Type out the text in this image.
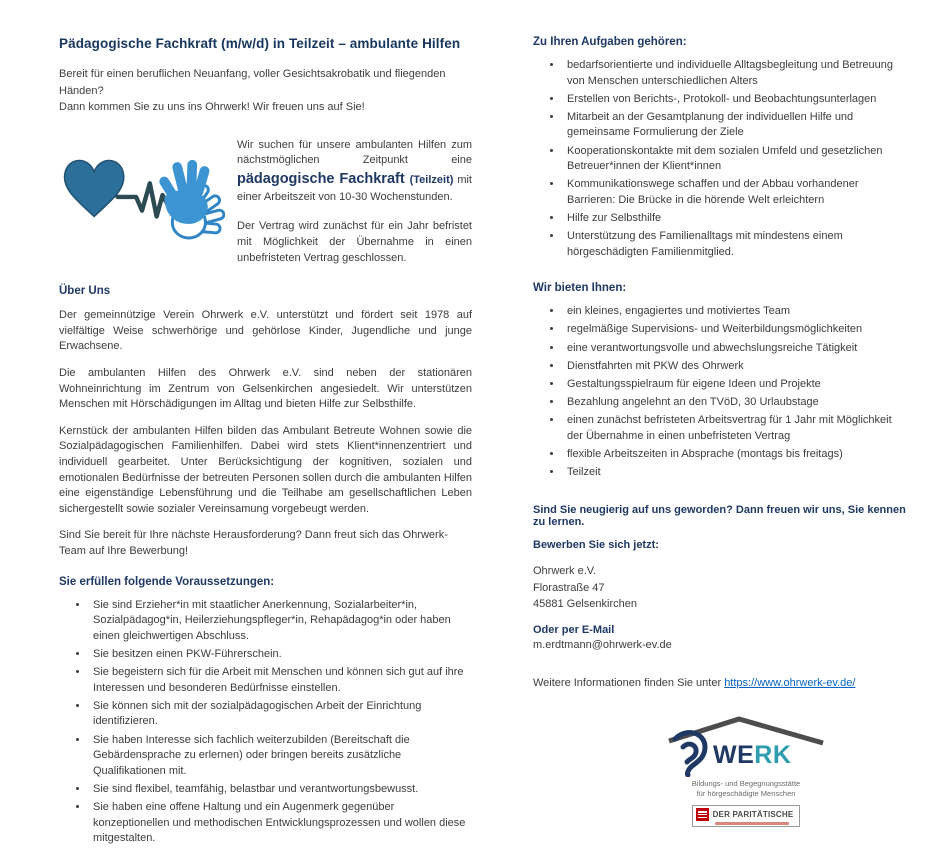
Pädagogische Fachkraft (m/w/d) in Teilzeit – ambulante Hilfen
Bereit für einen beruflichen Neuanfang, voller Gesichtsakrobatik und fliegenden Händen?
Dann kommen Sie zu uns ins Ohrwerk! Wir freuen uns auf Sie!
Wir suchen für unsere ambulanten Hilfen zum nächstmöglichen Zeitpunkt eine pädagogische Fachkraft (Teilzeit) mit einer Arbeitszeit von 10-30 Wochenstunden.
Der Vertrag wird zunächst für ein Jahr befristet mit Möglichkeit der Übernahme in einen unbefristeten Vertrag geschlossen.
Über Uns
Der gemeinnützige Verein Ohrwerk e.V. unterstützt und fördert seit 1978 auf vielfältige Weise schwerhörige und gehörlose Kinder, Jugendliche und junge Erwachsene.
Die ambulanten Hilfen des Ohrwerk e.V. sind neben der stationären Wohneinrichtung im Zentrum von Gelsenkirchen angesiedelt. Wir unterstützen Menschen mit Hörschädigungen im Alltag und bieten Hilfe zur Selbsthilfe.
Kernstück der ambulanten Hilfen bilden das Ambulant Betreute Wohnen sowie die Sozialpädagogischen Familienhilfen. Dabei wird stets Klient*innenzentriert und individuell gearbeitet. Unter Berücksichtigung der kognitiven, sozialen und emotionalen Bedürfnisse der betreuten Personen sollen durch die ambulanten Hilfen eine eigenständige Lebensführung und die Teilhabe am gesellschaftlichen Leben sichergestellt sowie sozialer Vereinsamung vorgebeugt werden.
Sind Sie bereit für Ihre nächste Herausforderung? Dann freut sich das Ohrwerk-Team auf Ihre Bewerbung!
Sie erfüllen folgende Voraussetzungen:
• Sie sind Erzieher*in mit staatlicher Anerkennung, Sozialarbeiter*in, Sozialpädagog*in, Heilerziehungspfleger*in, Rehapädagog*in oder haben einen gleichwertigen Abschluss.
• Sie besitzen einen PKW-Führerschein.
• Sie begeistern sich für die Arbeit mit Menschen und können sich gut auf ihre Interessen und besonderen Bedürfnisse einstellen.
• Sie können sich mit der sozialpädagogischen Arbeit der Einrichtung identifizieren.
• Sie haben Interesse sich fachlich weiterzubilden (Bereitschaft die Gebärdensprache zu erlernen) oder bringen bereits zusätzliche Qualifikationen mit.
• Sie sind flexibel, teamfähig, belastbar und verantwortungsbewusst.
• Sie haben eine offene Haltung und ein Augenmerk gegenüber konzeptionellen und methodischen Entwicklungsprozessen und wollen diese mitgestalten.
Zu Ihren Aufgaben gehören:
• bedarfsorientierte und individuelle Alltagsbegleitung und Betreuung von Menschen unterschiedlichen Alters
• Erstellen von Berichts-, Protokoll- und Beobachtungsunterlagen
• Mitarbeit an der Gesamtplanung der individuellen Hilfe und gemeinsame Formulierung der Ziele
• Kooperationskontakte mit dem sozialen Umfeld und gesetzlichen Betreuer*innen der Klient*innen
• Kommunikationswege schaffen und der Abbau vorhandener Barrieren: Die Brücke in die hörende Welt erleichtern
• Hilfe zur Selbsthilfe
• Unterstützung des Familienalltags mit mindestens einem hörgeschädigten Familienmitglied.
Wir bieten Ihnen:
• ein kleines, engagiertes und motiviertes Team
• regelmäßige Supervisions- und Weiterbildungsmöglichkeiten
• eine verantwortungsvolle und abwechslungsreiche Tätigkeit
• Dienstfahrten mit PKW des Ohrwerk
• Gestaltungsspielraum für eigene Ideen und Projekte
• Bezahlung angelehnt an den TVöD, 30 Urlaubstage
• einen zunächst befristeten Arbeitsvertrag für 1 Jahr mit Möglichkeit der Übernahme in einen unbefristeten Vertrag
• flexible Arbeitszeiten in Absprache (montags bis freitags)
• Teilzeit
Sind Sie neugierig auf uns geworden? Dann freuen wir uns, Sie kennen zu lernen.
Bewerben Sie sich jetzt:
Ohrwerk e.V.
Florastraße 47
45881 Gelsenkirchen
Oder per E-Mail
m.erdtmann@ohrwerk-ev.de
Weitere Informationen finden Sie unter https://www.ohrwerk-ev.de/
WERK
Bildungs- und Begegnungsstätte
für hörgeschädigte Menschen
DER PARITÄTISCHE
